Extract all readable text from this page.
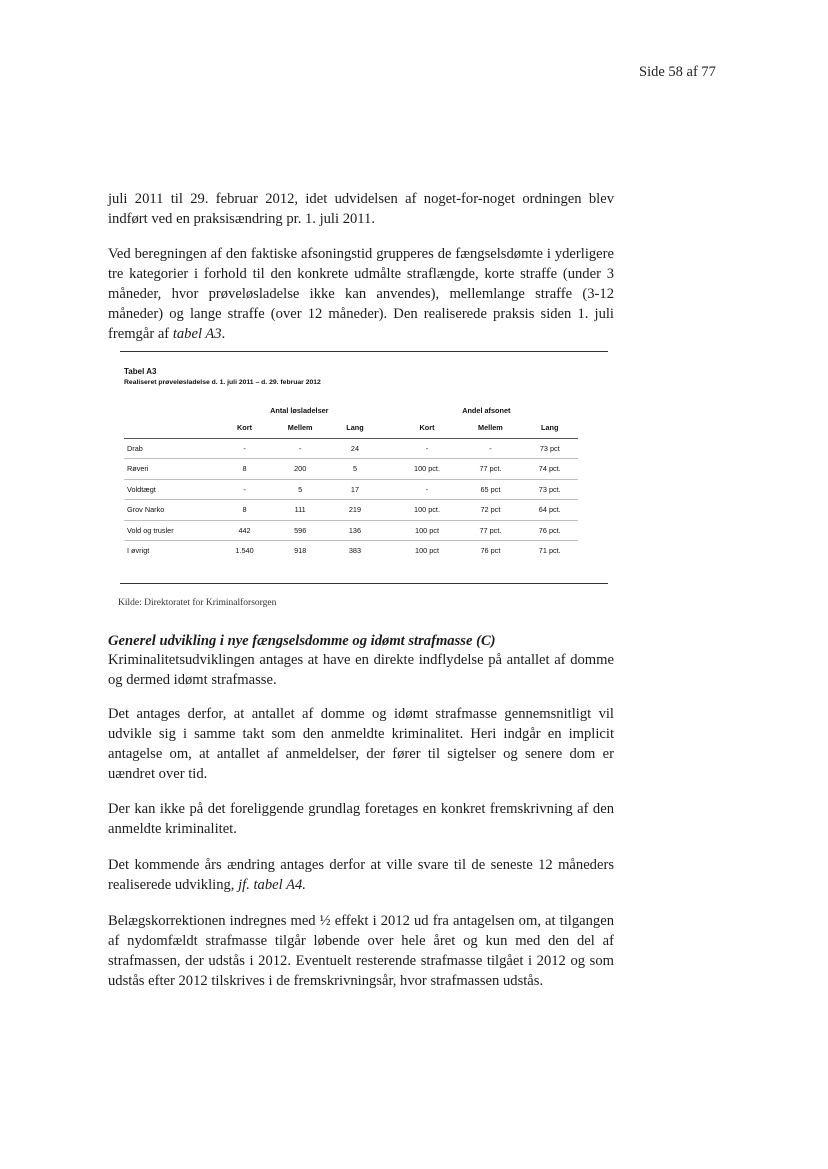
Side 58 af 77

juli 2011 til 29. februar 2012, idet udvidelsen af noget-for-noget ordningen blev indført ved en praksisændring pr. 1. juli 2011.

Ved beregningen af den faktiske afsoningstid grupperes de fængselsdømte i yderligere tre kategorier i forhold til den konkrete udmålte straflængde, korte straffe (under 3 måneder, hvor prøveløsladelse ikke kan anvendes), mellemlange straffe (3-12 måneder) og lange straffe (over 12 måneder). Den realiserede praksis siden 1. juli fremgår af tabel A3.

Tabel A3
Realiseret prøveløsladelse d. 1. juli 2011 – d. 29. februar 2012
	Antal løsladelser				Andel afsonet		
	Kort	Mellem	Lang		Kort	Mellem	Lang
Drab	-	-	24		-	-	73 pct
Røveri	8	200	5		100 pct.	77 pct.	74 pct.
Voldtægt	-	5	17		-	65 pct	73 pct.
Grov Narko	8	111	219		100 pct.	72 pct	64 pct.
Vold og trusler	442	596	136		100 pct	77 pct.	76 pct.
I øvrigt	1.540	918	383		100 pct	76 pct	71 pct.
Kilde: Direktoratet for Kriminalforsorgen
Generel udvikling i nye fængselsdomme og idømt strafmasse (C)

Kriminalitetsudviklingen antages at have en direkte indflydelse på antallet af domme og dermed idømt strafmasse.

Det antages derfor, at antallet af domme og idømt strafmasse gennemsnitligt vil udvikle sig i samme takt som den anmeldte kriminalitet. Heri indgår en implicit antagelse om, at antallet af anmeldelser, der fører til sigtelser og senere dom er uændret over tid.

Der kan ikke på det foreliggende grundlag foretages en konkret fremskrivning af den anmeldte kriminalitet.

Det kommende års ændring antages derfor at ville svare til de seneste 12 måneders realiserede udvikling, jf. tabel A4.

Belægskorrektionen indregnes med ½ effekt i 2012 ud fra antagelsen om, at tilgangen af nydomfældt strafmasse tilgår løbende over hele året og kun med den del af strafmassen, der udstås i 2012. Eventuelt resterende strafmasse tilgået i 2012 og som udstås efter 2012 tilskrives i de fremskrivningsår, hvor strafmassen udstås.
